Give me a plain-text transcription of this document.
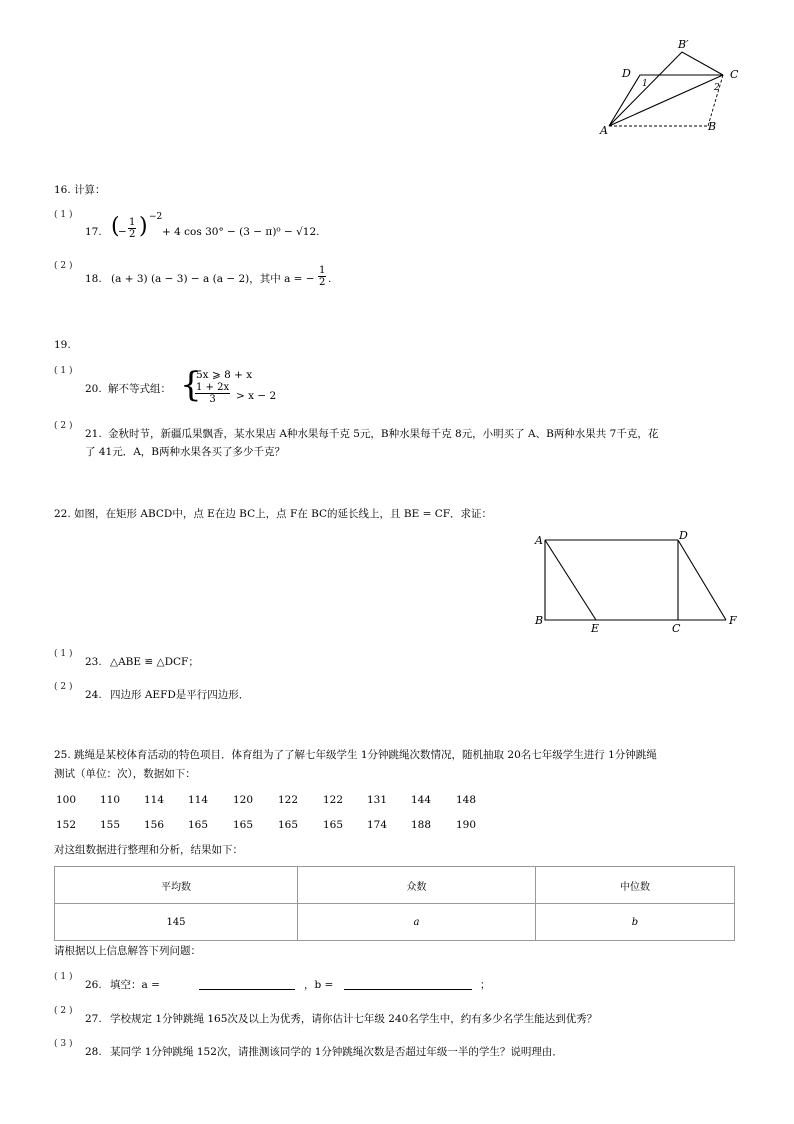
B′
D	C
1	2
A	B
16. 计算：
( 1 )
17. (
− $\frac{1}{2}$ ) −2
+ 4 cos 30° − (3 − π)⁰ − √12.
( 2 )
18. (a + 3) (a − 3) − a (a − 2)，其中 a = − $\frac{1}{2}$ .
19.
( 1 )
20. 解不等式组： {
5x ⩾ 8 + x
$\frac{1 + 2x}{3} > x - 2$
( 2 )
21. 金秋时节，新疆瓜果飘香，某水果店 A种水果每千克 5元，B种水果每千克 8元，小明买了 A、B两种水果共 7千克，花
了 41元．A，B两种水果各买了多少千克？
22. 如图，在矩形 ABCD中，点 E在边 BC上，点 F在 BC的延长线上，且 BE = CF．求证：
A	D
B
E	C
F
( 1 )
23. △ABE ≌ △DCF；
( 2 )
24. 四边形 AEFD是平行四边形．
25. 跳绳是某校体育活动的特色项目．体育组为了了解七年级学生 1分钟跳绳次数情况，随机抽取 20名七年级学生进行 1分钟跳绳
测试（单位：次），数据如下：
100 110 114 114 120 122 122 131 144 148
152 155 156 165 165 165 165 174 188 190
对这组数据进行整理和分析，结果如下：
平均数	众数	中位数
145	a	b
请根据以上信息解答下列问题：
( 1 )
26. 填空：a =	，b =	；
( 2 )
27. 学校规定 1分钟跳绳 165次及以上为优秀，请你估计七年级 240名学生中，约有多少名学生能达到优秀？
( 3 )
28. 某同学 1分钟跳绳 152次，请推测该同学的 1分钟跳绳次数是否超过年级一半的学生？说明理由．
